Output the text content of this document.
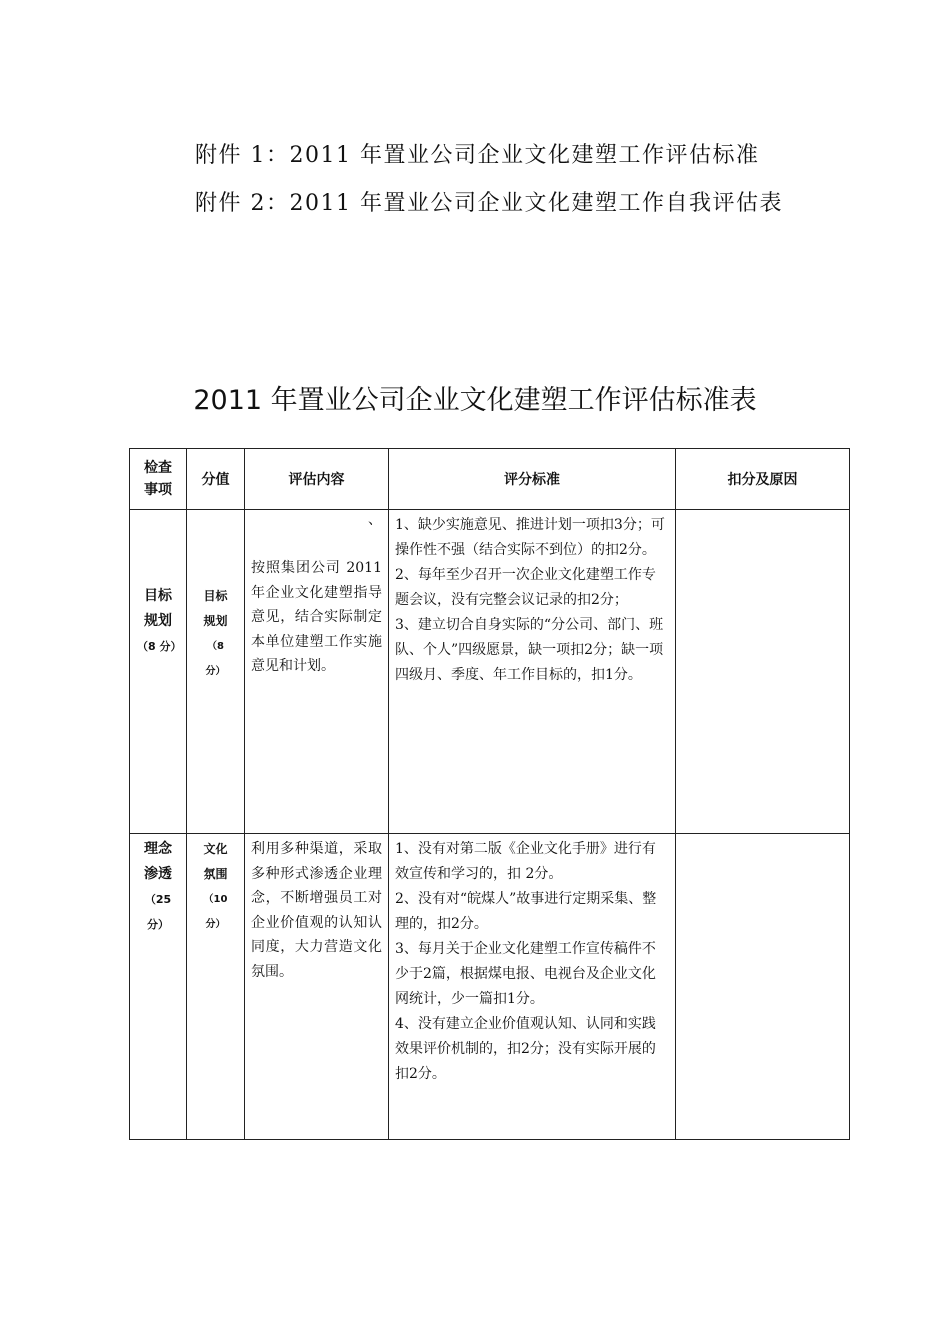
附件 1：2011 年置业公司企业文化建塑工作评估标准
附件 2：2011 年置业公司企业文化建塑工作自我评估表
2011 年置业公司企业文化建塑工作评估标准表
检查事项	分值	评估内容	评分标准	扣分及原因

目标规划
（8 分）	目标规划
（8 分）	、
按照集团公司 2011 年企业文化建塑指导意见，结合实际制定本单位建塑工作实施意见和计划。	1、缺少实施意见、推进计划一项扣3分；可操作性不强（结合实际不到位）的扣2分。
2、每年至少召开一次企业文化建塑工作专题会议，没有完整会议记录的扣2分；
3、建立切合自身实际的“分公司、部门、班队、个人”四级愿景，缺一项扣2分；缺一项四级月、季度、年工作目标的，扣1分。	

理念渗透
（25 分）	文化氛围
（10 分）	利用多种渠道，采取多种形式渗透企业理念，不断增强员工对企业价值观的认知认同度，大力营造文化氛围。	1、没有对第二版《企业文化手册》进行有效宣传和学习的，扣 2分。
2、没有对“皖煤人”故事进行定期采集、整理的，扣2分。
3、每月关于企业文化建塑工作宣传稿件不少于2篇，根据煤电报、电视台及企业文化网统计，少一篇扣1分。
4、没有建立企业价值观认知、认同和实践效果评价机制的，扣2分；没有实际开展的扣2分。	
